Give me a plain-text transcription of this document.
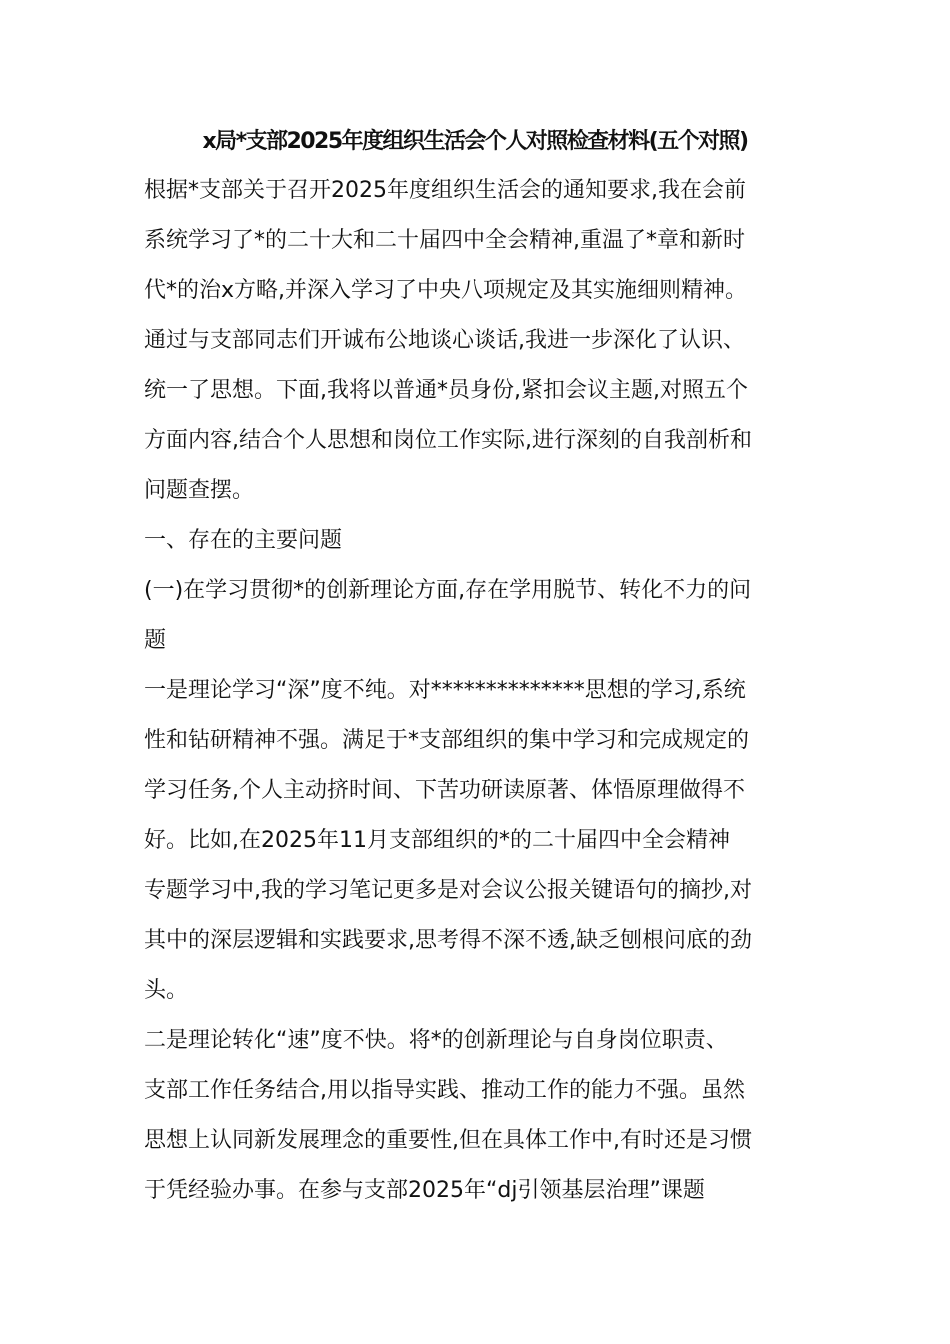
x局*支部2025年度组织生活会个人对照检查材料(五个对照)
根据*支部关于召开2025年度组织生活会的通知要求,我在会前
系统学习了*的二十大和二十届四中全会精神,重温了*章和新时
代*的治x方略,并深入学习了中央八项规定及其实施细则精神。
通过与支部同志们开诚布公地谈心谈话,我进一步深化了认识、
统一了思想。下面,我将以普通*员身份,紧扣会议主题,对照五个
方面内容,结合个人思想和岗位工作实际,进行深刻的自我剖析和
问题查摆。
一、存在的主要问题
(一)在学习贯彻*的创新理论方面,存在学用脱节、转化不力的问
题
一是理论学习“深”度不纯。对**************思想的学习,系统
性和钻研精神不强。满足于*支部组织的集中学习和完成规定的
学习任务,个人主动挤时间、下苦功研读原著、体悟原理做得不
好。比如,在2025年11月支部组织的*的二十届四中全会精神
专题学习中,我的学习笔记更多是对会议公报关键语句的摘抄,对
其中的深层逻辑和实践要求,思考得不深不透,缺乏刨根问底的劲
头。
二是理论转化“速”度不快。将*的创新理论与自身岗位职责、
支部工作任务结合,用以指导实践、推动工作的能力不强。虽然
思想上认同新发展理念的重要性,但在具体工作中,有时还是习惯
于凭经验办事。在参与支部2025年“dj引领基层治理”课题
